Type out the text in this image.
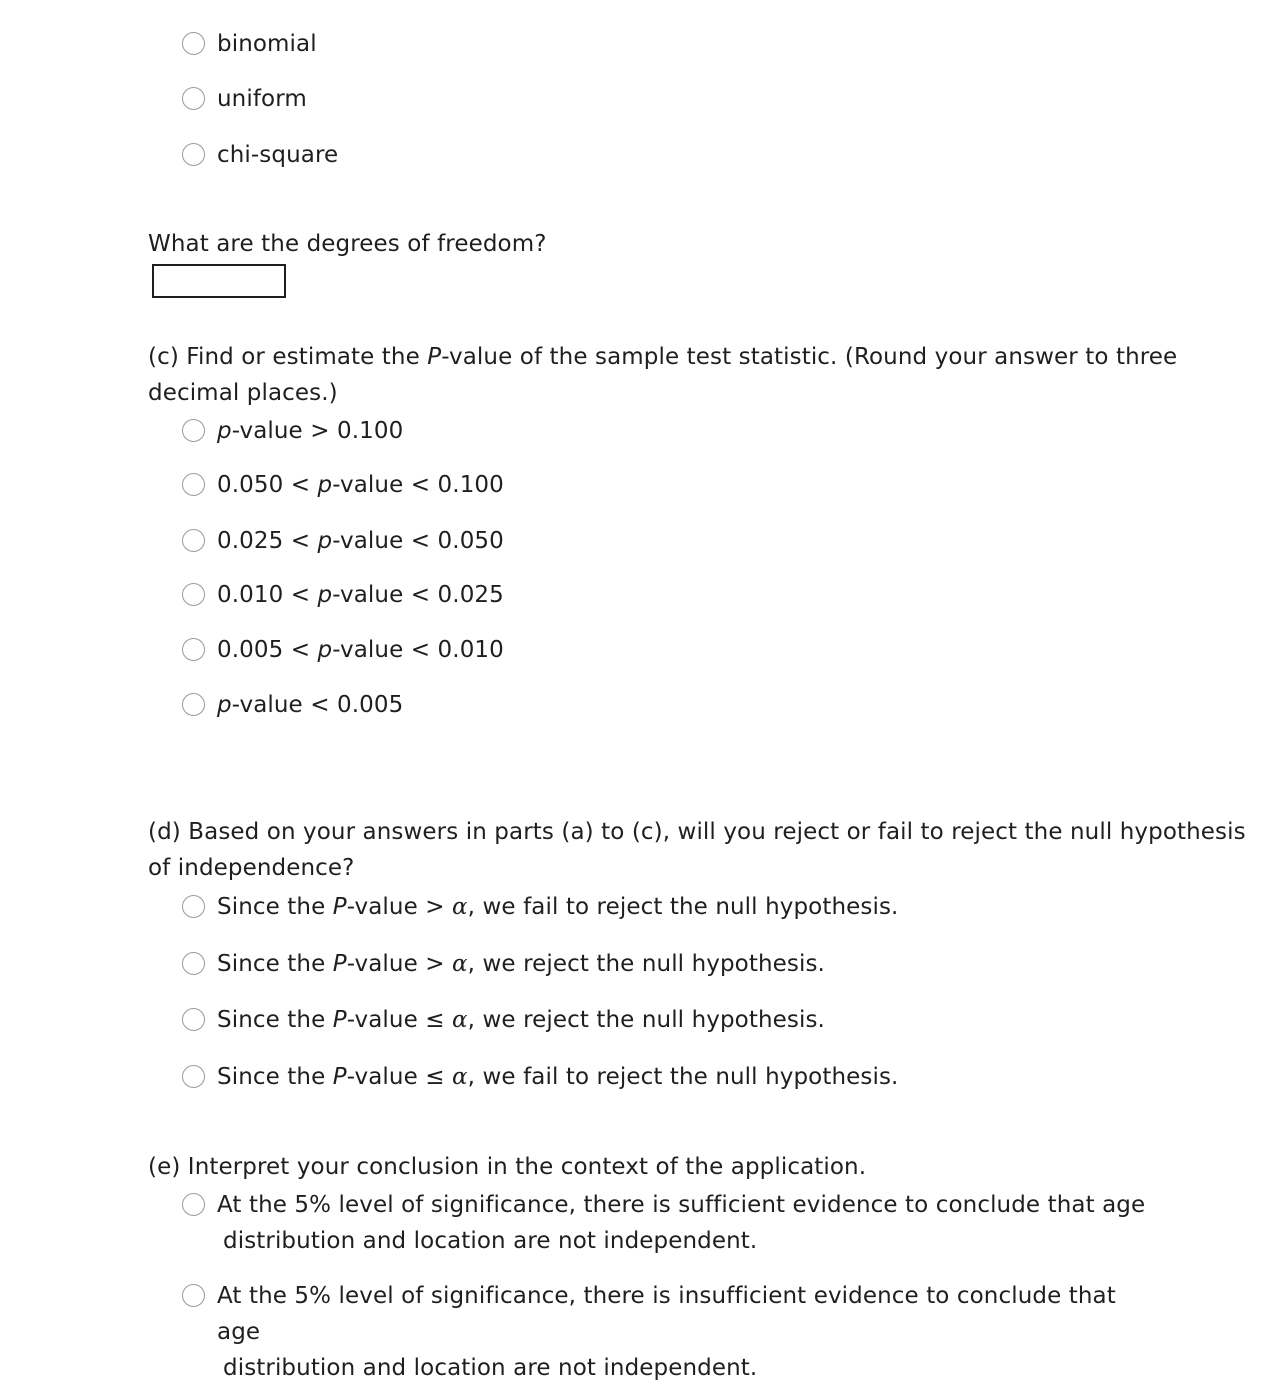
binomial
uniform
chi-square
What are the degrees of freedom?
(c) Find or estimate the P-value of the sample test statistic. (Round your answer to three decimal places.)
p-value > 0.100
0.050 < p-value < 0.100
0.025 < p-value < 0.050
0.010 < p-value < 0.025
0.005 < p-value < 0.010
p-value < 0.005
(d) Based on your answers in parts (a) to (c), will you reject or fail to reject the null hypothesis of independence?
Since the P-value > α, we fail to reject the null hypothesis.
Since the P-value > α, we reject the null hypothesis.
Since the P-value ≤ α, we reject the null hypothesis.
Since the P-value ≤ α, we fail to reject the null hypothesis.
(e) Interpret your conclusion in the context of the application.
At the 5% level of significance, there is sufficient evidence to conclude that age
distribution and location are not independent.
At the 5% level of significance, there is insufficient evidence to conclude that age
distribution and location are not independent.
